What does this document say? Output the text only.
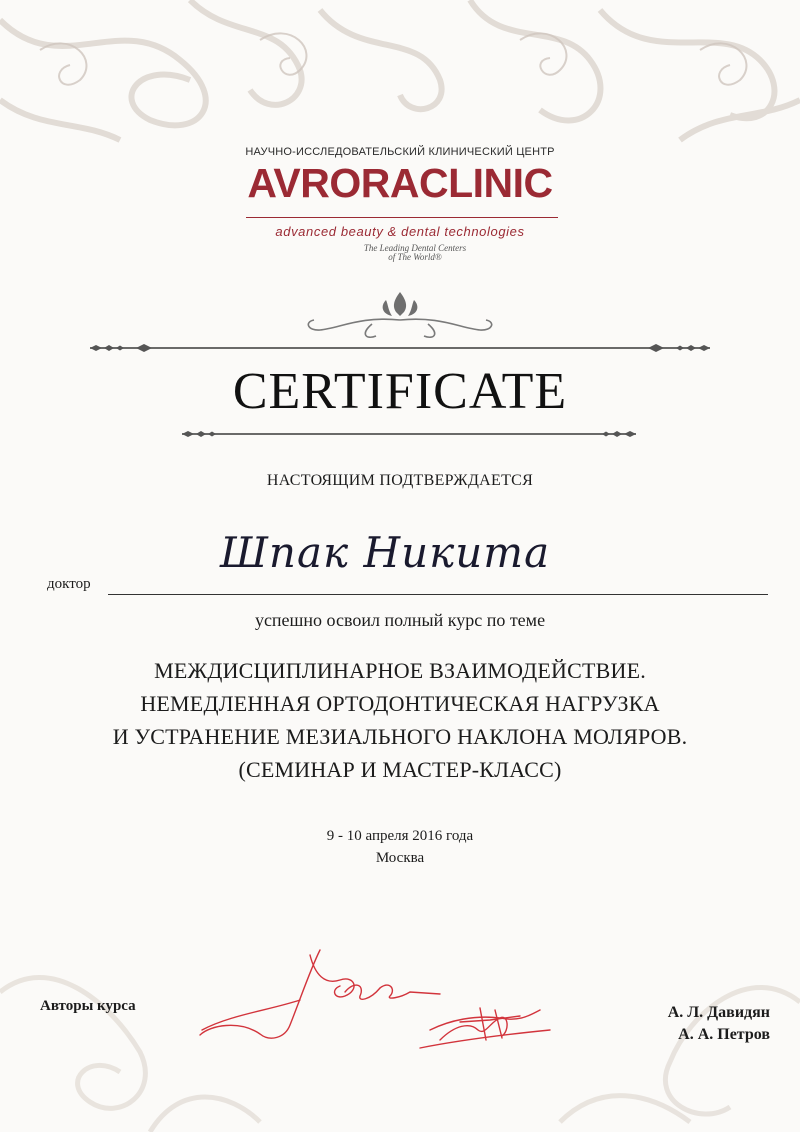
НАУЧНО-ИССЛЕДОВАТЕЛЬСКИЙ КЛИНИЧЕСКИЙ ЦЕНТР
AVRORACLINIC
advanced beauty & dental technologies
The Leading Dental Centers of The World®
CERTIFICATE
НАСТОЯЩИМ ПОДТВЕРЖДАЕТСЯ
доктор
Шпак Никита
успешно освоил полный курс по теме
МЕЖДИСЦИПЛИНАРНОЕ ВЗАИМОДЕЙСТВИЕ.
НЕМЕДЛЕННАЯ ОРТОДОНТИЧЕСКАЯ НАГРУЗКА
И УСТРАНЕНИЕ МЕЗИАЛЬНОГО НАКЛОНА МОЛЯРОВ.
(СЕМИНАР И МАСТЕР-КЛАСС)
9 - 10 апреля 2016 года
Москва
Авторы курса	А. Л. Давидян
А. А. Петров
